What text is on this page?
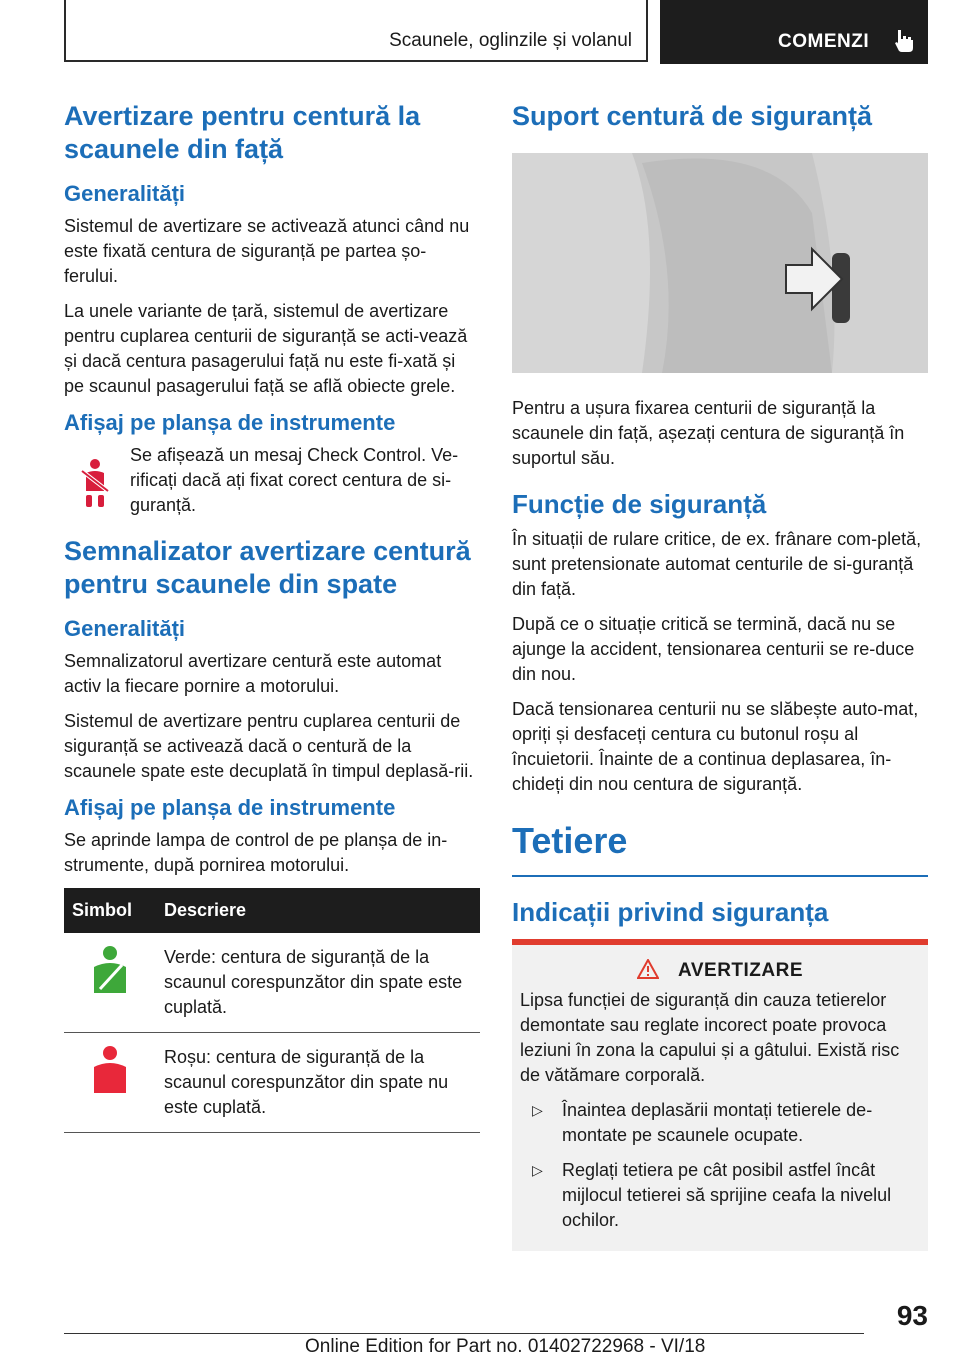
Scaunele, oglinzile și volanul	COMENZI
Avertizare pentru centură la scaunele din față
Generalități

Sistemul de avertizare se activează atunci când nu este fixată centura de siguranță pe partea șo-ferului.

La unele variante de țară, sistemul de avertizare pentru cuplarea centurii de siguranță se acti-vează și dacă centura pasagerului față nu este fi-xată și pe scaunul pasagerului față se află obiecte grele.

Afișaj pe planșa de instrumente

Se afișează un mesaj Check Control. Ve-rificați dacă ați fixat corect centura de si-guranță.

Semnalizator avertizare centură pentru scaunele din spate
Generalități

Semnalizatorul avertizare centură este automat activ la fiecare pornire a motorului.

Sistemul de avertizare pentru cuplarea centurii de siguranță se activează dacă o centură de la scaunele spate este decuplată în timpul deplasă-rii.

Afișaj pe planșa de instrumente

Se aprinde lampa de control de pe planșa de in-strumente, după pornirea motorului.

Simbol	Descriere
	Verde: centura de siguranță de la scaunul corespunzător din spate este cuplată.
	Roșu: centura de siguranță de la scaunul corespunzător din spate nu este cuplată.
Suport centură de siguranță

Pentru a ușura fixarea centurii de siguranță la scaunele din față, așezați centura de siguranță în suportul său.

Funcție de siguranță

În situații de rulare critice, de ex. frânare com-pletă, sunt pretensionate automat centurile de si-guranță din față.

După ce o situație critică se termină, dacă nu se ajunge la accident, tensionarea centurii se re-duce din nou.

Dacă tensionarea centurii nu se slăbește auto-mat, opriți și desfaceți centura cu butonul roșu al încuietorii. Înainte de a continua deplasarea, în-chideți din nou centura de siguranță.

Tetiere
Indicații privind siguranța
AVERTIZARE

Lipsa funcției de siguranță din cauza tetierelor demontate sau reglate incorect poate provoca leziuni în zona la capului și a gâtului. Există risc de vătămare corporală.

▷ Înaintea deplasării montați tetierele de-montate pe scaunele ocupate.
▷ Reglați tetiera pe cât posibil astfel încât mijlocul tetierei să sprijine ceafa la nivelul ochilor.
93
Online Edition for Part no. 01402722968 - VI/18
